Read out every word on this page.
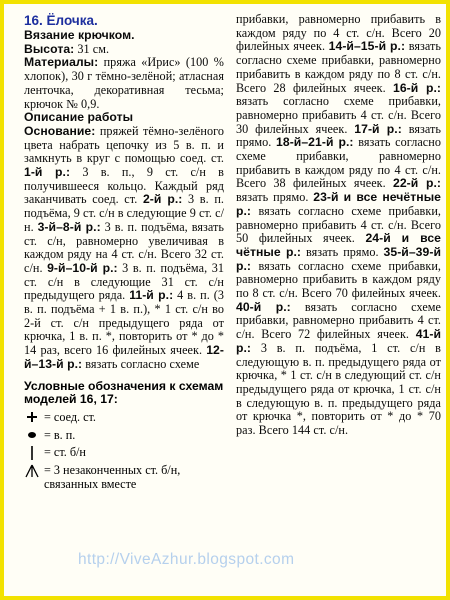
16. Ёлочка.

Вязание крючком.

Высота: 31 см.

Материалы: пряжа «Ирис» (100 % хлопок), 30 г тёмно-зелёной; атласная ленточка, декоративная тесьма; крючок № 0,9.

Описание работы

Основание: пряжей тёмно-зелёного цвета набрать цепочку из 5 в. п. и замкнуть в круг с помощью соед. ст. 1-й р.: 3 в. п., 9 ст. с/н в получившееся кольцо. Каждый ряд заканчивать соед. ст. 2-й р.: 3 в. п. подъёма, 9 ст. с/н в следующие 9 ст. с/н. 3-й–8-й р.: 3 в. п. подъёма, вязать ст. с/н, равномерно увеличивая в каждом ряду на 4 ст. с/н. Всего 32 ст. с/н. 9-й–10-й р.: 3 в. п. подъёма, 31 ст. с/н в следующие 31 ст. с/н предыдущего ряда. 11-й р.: 4 в. п. (3 в. п. подъёма + 1 в. п.), * 1 ст. с/н во 2-й ст. с/н предыдущего ряда от крючка, 1 в. п. *, повторить от * до * 14 раз, всего 16 филейных ячеек. 12-й–13-й р.: вязать согласно схеме

Условные обозначения к схемам моделей 16, 17:
= соед. ст.
= в. п.
= ст. б/н
= 3 незаконченных ст. б/н, связанных вместе

прибавки, равномерно прибавить в каждом ряду по 4 ст. с/н. Всего 20 филейных ячеек. 14-й–15-й р.: вязать согласно схеме прибавки, равномерно прибавить в каждом ряду по 8 ст. с/н. Всего 28 филейных ячеек. 16-й р.: вязать согласно схеме прибавки, равномерно прибавить 4 ст. с/н. Всего 30 филейных ячеек. 17-й р.: вязать прямо. 18-й–21-й р.: вязать согласно схеме прибавки, равномерно прибавить в каждом ряду по 4 ст. с/н. Всего 38 филейных ячеек. 22-й р.: вязать прямо. 23-й и все нечётные р.: вязать согласно схеме прибавки, равномерно прибавить 4 ст. с/н. Всего 50 филейных ячеек. 24-й и все чётные р.: вязать прямо. 35-й–39-й р.: вязать согласно схеме прибавки, равномерно прибавить в каждом ряду по 8 ст. с/н. Всего 70 филейных ячеек. 40-й р.: вязать согласно схеме прибавки, равномерно прибавить 4 ст. с/н. Всего 72 филейных ячеек. 41-й р.: 3 в. п. подъёма, 1 ст. с/н в следующую в. п. предыдущего ряда от крючка, * 1 ст. с/н в следующий ст. с/н предыдущего ряда от крючка, 1 ст. с/н в следующую в. п. предыдущего ряда от крючка *, повторить от * до * 70 раз. Всего 144 ст. с/н.

http://ViveAzhur.blogspot.com
